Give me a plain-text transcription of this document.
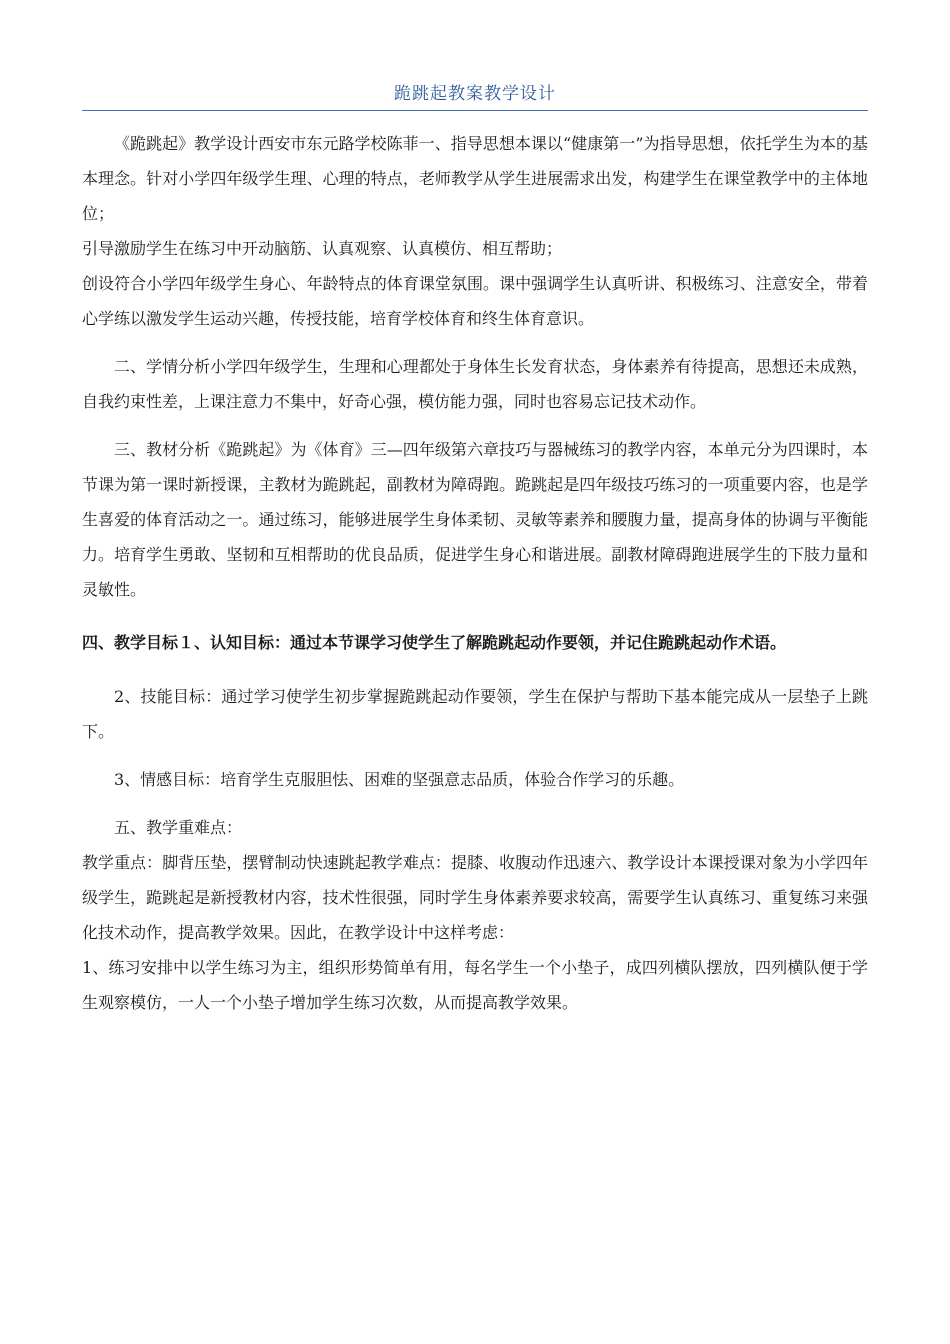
跪跳起教案教学设计

《跪跳起》教学设计西安市东元路学校陈菲一、指导思想本课以“健康第一”为指导思想，依托学生为本的基本理念。针对小学四年级学生理、心理的特点，老师教学从学生进展需求出发，构建学生在课堂教学中的主体地位；

引导激励学生在练习中开动脑筋、认真观察、认真模仿、相互帮助；

创设符合小学四年级学生身心、年龄特点的体育课堂氛围。课中强调学生认真听讲、积极练习、注意安全，带着心学练以激发学生运动兴趣，传授技能，培育学校体育和终生体育意识。

二、学情分析小学四年级学生，生理和心理都处于身体生长发育状态，身体素养有待提高，思想还未成熟，自我约束性差，上课注意力不集中，好奇心强，模仿能力强，同时也容易忘记技术动作。

三、教材分析《跪跳起》为《体育》三—四年级第六章技巧与器械练习的教学内容，本单元分为四课时，本节课为第一课时新授课，主教材为跪跳起，副教材为障碍跑。跪跳起是四年级技巧练习的一项重要内容，也是学生喜爱的体育活动之一。通过练习，能够进展学生身体柔韧、灵敏等素养和腰腹力量，提高身体的协调与平衡能力。培育学生勇敢、坚韧和互相帮助的优良品质，促进学生身心和谐进展。副教材障碍跑进展学生的下肢力量和灵敏性。

四、教学目标１、认知目标：通过本节课学习使学生了解跪跳起动作要领，并记住跪跳起动作术语。

2、技能目标：通过学习使学生初步掌握跪跳起动作要领，学生在保护与帮助下基本能完成从一层垫子上跳下。

3、情感目标：培育学生克服胆怯、困难的坚强意志品质，体验合作学习的乐趣。

五、教学重难点：

教学重点：脚背压垫，摆臂制动快速跳起教学难点：提膝、收腹动作迅速六、教学设计本课授课对象为小学四年级学生，跪跳起是新授教材内容，技术性很强，同时学生身体素养要求较高，需要学生认真练习、重复练习来强化技术动作，提高教学效果。因此，在教学设计中这样考虑：

1、练习安排中以学生练习为主，组织形势简单有用，每名学生一个小垫子，成四列横队摆放，四列横队便于学生观察模仿，一人一个小垫子增加学生练习次数，从而提高教学效果。
